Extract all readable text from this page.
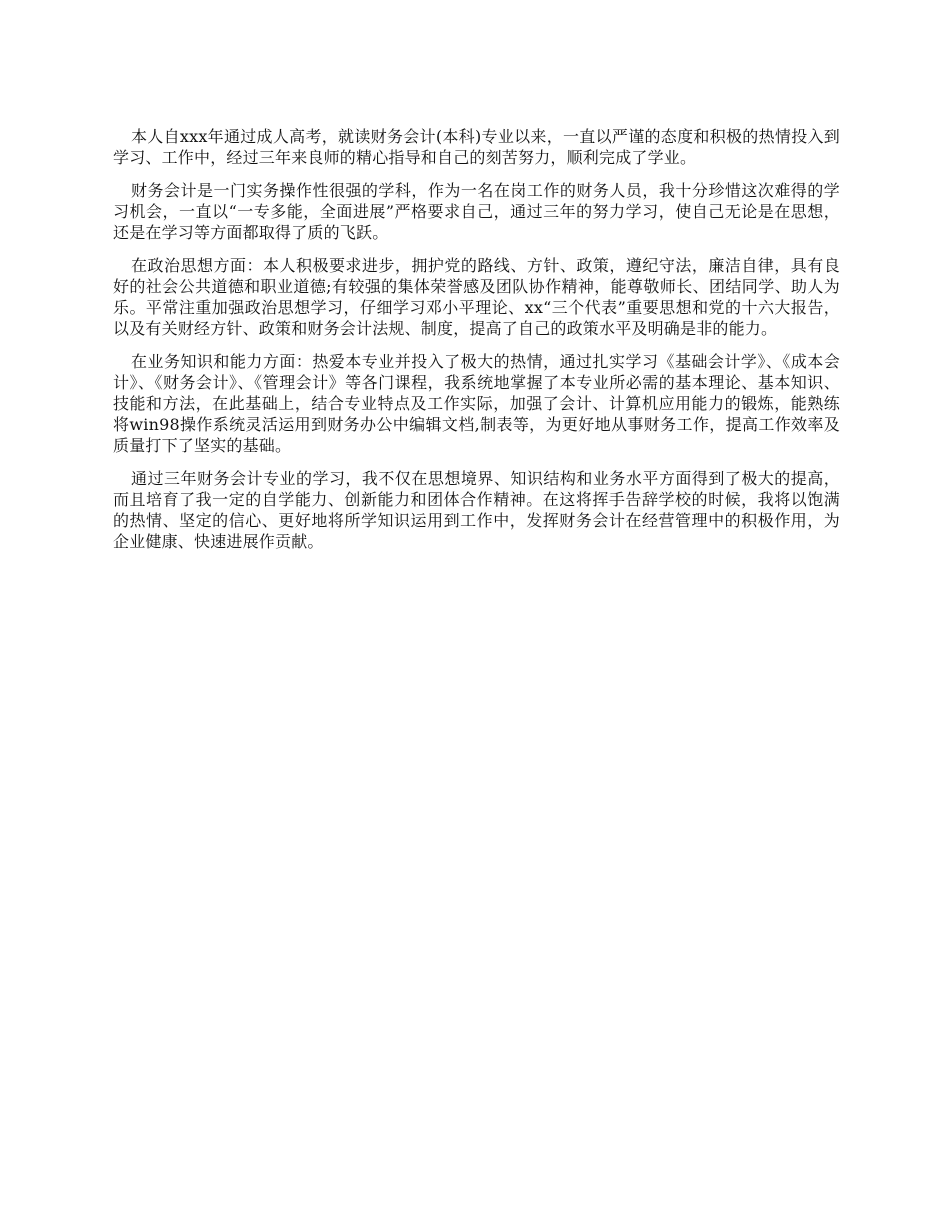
本人自xxx年通过成人高考，就读财务会计(本科)专业以来，一直以严谨的态度和积极的热情投入到学习、工作中，经过三年来良师的精心指导和自己的刻苦努力，顺利完成了学业。

财务会计是一门实务操作性很强的学科，作为一名在岗工作的财务人员，我十分珍惜这次难得的学习机会，一直以“一专多能，全面进展”严格要求自己，通过三年的努力学习，使自己无论是在思想，还是在学习等方面都取得了质的飞跃。

在政治思想方面：本人积极要求进步，拥护党的路线、方针、政策，遵纪守法，廉洁自律，具有良好的社会公共道德和职业道德;有较强的集体荣誉感及团队协作精神，能尊敬师长、团结同学、助人为乐。平常注重加强政治思想学习，仔细学习邓小平理论、xx“三个代表”重要思想和党的十六大报告，以及有关财经方针、政策和财务会计法规、制度，提高了自己的政策水平及明确是非的能力。

在业务知识和能力方面：热爱本专业并投入了极大的热情，通过扎实学习《基础会计学》、《成本会计》、《财务会计》、《管理会计》等各门课程，我系统地掌握了本专业所必需的基本理论、基本知识、技能和方法，在此基础上，结合专业特点及工作实际，加强了会计、计算机应用能力的锻炼，能熟练将win98操作系统灵活运用到财务办公中编辑文档,制表等，为更好地从事财务工作，提高工作效率及质量打下了坚实的基础。

通过三年财务会计专业的学习，我不仅在思想境界、知识结构和业务水平方面得到了极大的提高，而且培育了我一定的自学能力、创新能力和团体合作精神。在这将挥手告辞学校的时候，我将以饱满的热情、坚定的信心、更好地将所学知识运用到工作中，发挥财务会计在经营管理中的积极作用，为企业健康、快速进展作贡献。
